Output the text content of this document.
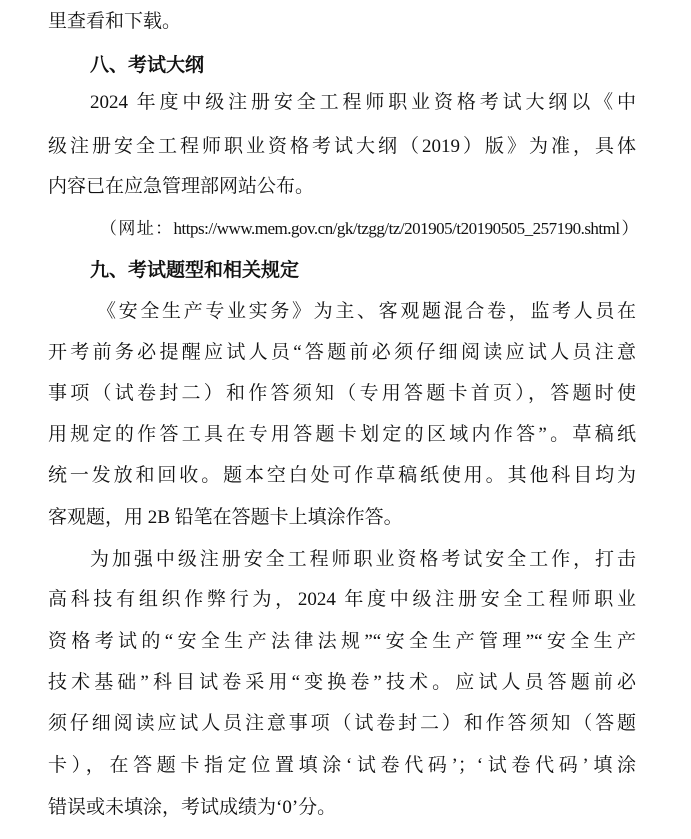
里查看和下载。
八、考试大纲
2024 年度中级注册安全工程师职业资格考试大纲以《中
级注册安全工程师职业资格考试大纲（2019）版》为准，具体
内容已在应急管理部网站公布。
（网址：https://www.mem.gov.cn/gk/tzgg/tz/201905/t20190505_257190.shtml）
九、考试题型和相关规定
《安全生产专业实务》为主、客观题混合卷，监考人员在
开考前务必提醒应试人员“答题前必须仔细阅读应试人员注意
事项（试卷封二）和作答须知（专用答题卡首页），答题时使
用规定的作答工具在专用答题卡划定的区域内作答”。草稿纸
统一发放和回收。题本空白处可作草稿纸使用。其他科目均为
客观题，用 2B 铅笔在答题卡上填涂作答。
为加强中级注册安全工程师职业资格考试安全工作，打击
高科技有组织作弊行为，2024 年度中级注册安全工程师职业
资格考试的“安全生产法律法规”“安全生产管理”“安全生产
技术基础”科目试卷采用“变换卷”技术。应试人员答题前必
须仔细阅读应试人员注意事项（试卷封二）和作答须知（答题
卡），在答题卡指定位置填涂‘试卷代码’；‘试卷代码’填涂
错误或未填涂，考试成绩为‘0’分。
